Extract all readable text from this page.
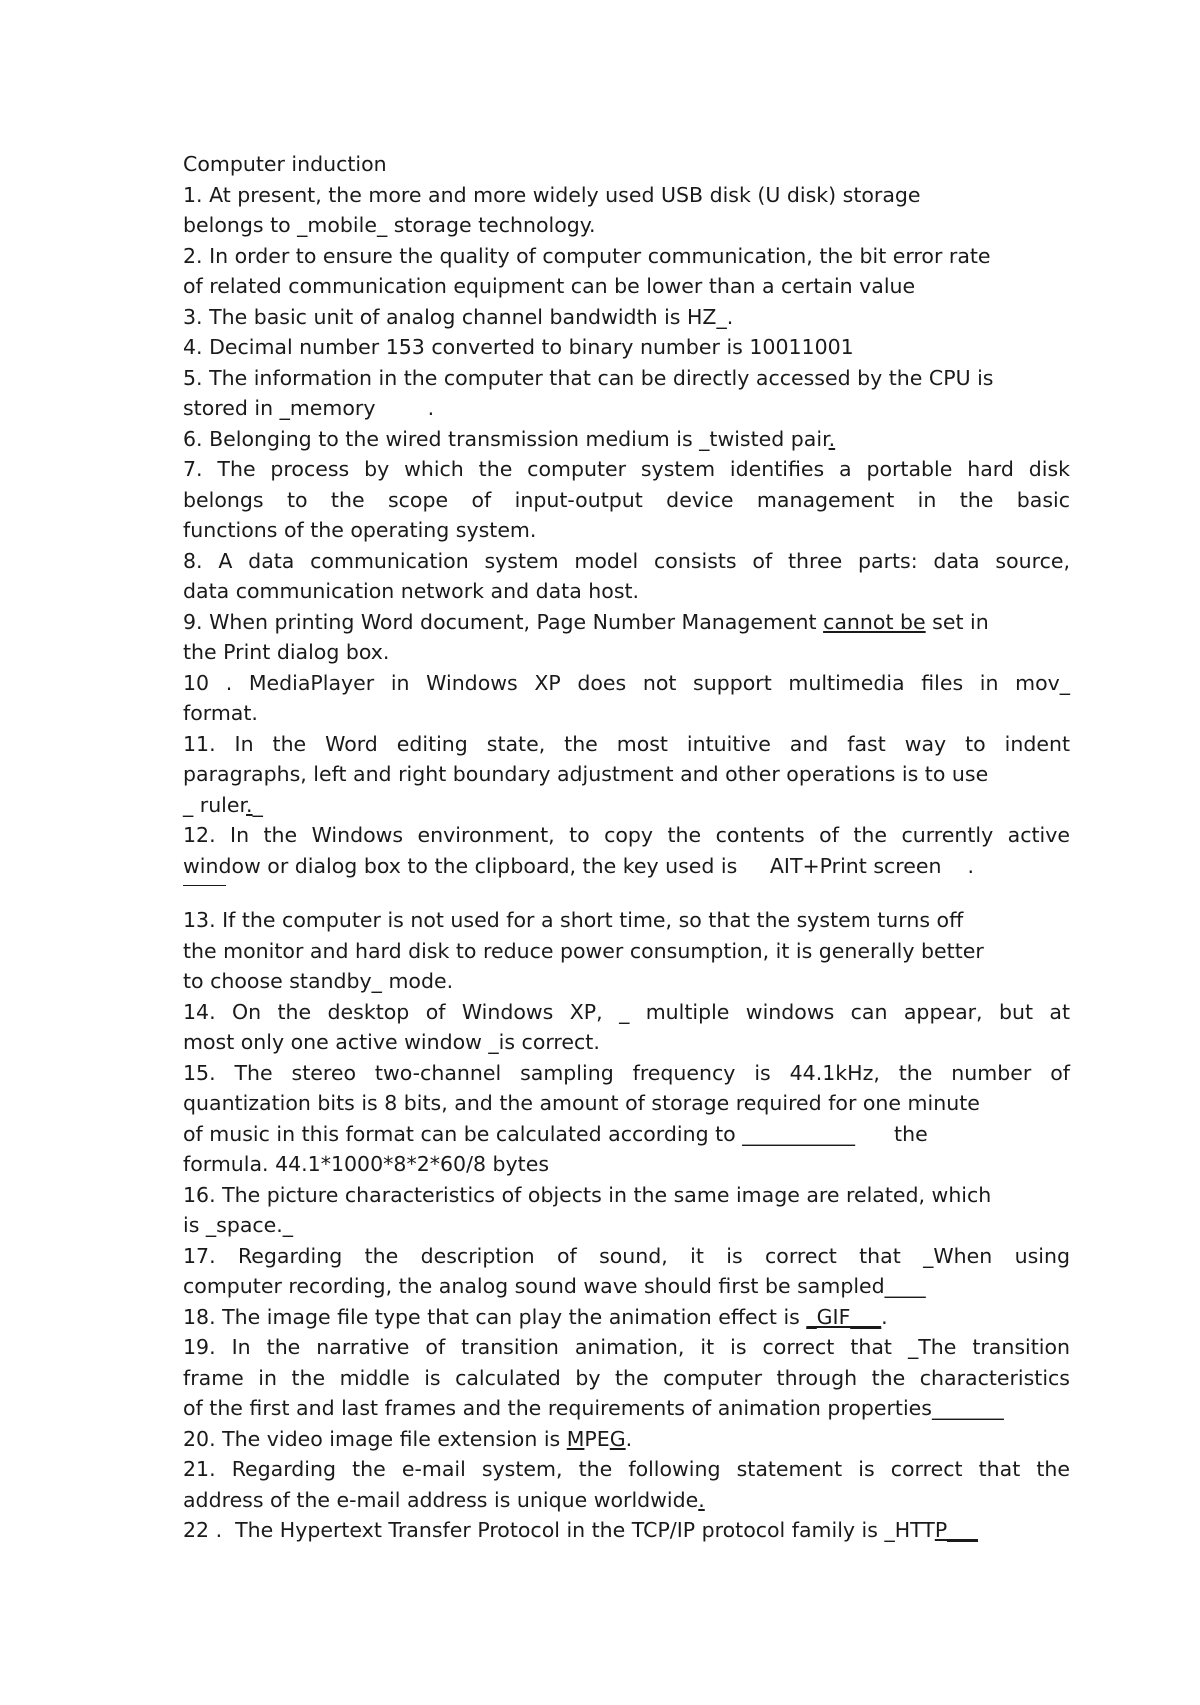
Computer induction
1. At present, the more and more widely used USB disk (U disk) storage
belongs to _mobile_ storage technology.
2. In order to ensure the quality of computer communication, the bit error rate
of related communication equipment can be lower than a certain value
3. The basic unit of analog channel bandwidth is HZ_.
4. Decimal number 153 converted to binary number is 10011001
5. The information in the computer that can be directly accessed by the CPU is
stored in _memory        .
6. Belonging to the wired transmission medium is _twisted pair.
7. The process by which the computer system identifies a portable hard disk
belongs to the scope of input-output device management in the basic
functions of the operating system.
8. A data communication system model consists of three parts: data source,
data communication network and data host.
9. When printing Word document, Page Number Management cannot be set in
the Print dialog box.
10 . MediaPlayer in Windows XP does not support multimedia files in mov_
format.
11. In the Word editing state, the most intuitive and fast way to indent
paragraphs, left and right boundary adjustment and other operations is to use
_ ruler._
12. In the Windows environment, to copy the contents of the currently active
window or dialog box to the clipboard, the key used is     AIT+Print screen    .
13. If the computer is not used for a short time, so that the system turns off
the monitor and hard disk to reduce power consumption, it is generally better
to choose standby_ mode.
14. On the desktop of Windows XP, _ multiple windows can appear, but at
most only one active window _is correct.
15. The stereo two-channel sampling frequency is 44.1kHz, the number of
quantization bits is 8 bits, and the amount of storage required for one minute
of music in this format can be calculated according to ___________      the
formula. 44.1*1000*8*2*60/8 bytes
16. The picture characteristics of objects in the same image are related, which
is _space._
17. Regarding the description of sound, it is correct that _When using
computer recording, the analog sound wave should first be sampled____
18. The image file type that can play the animation effect is _GIF___.
19. In the narrative of transition animation, it is correct that _The transition
frame in the middle is calculated by the computer through the characteristics
of the first and last frames and the requirements of animation properties_______
20. The video image file extension is MPEG.
21. Regarding the e-mail system, the following statement is correct that the
address of the e-mail address is unique worldwide.
22 .  The Hypertext Transfer Protocol in the TCP/IP protocol family is _HTTP___
